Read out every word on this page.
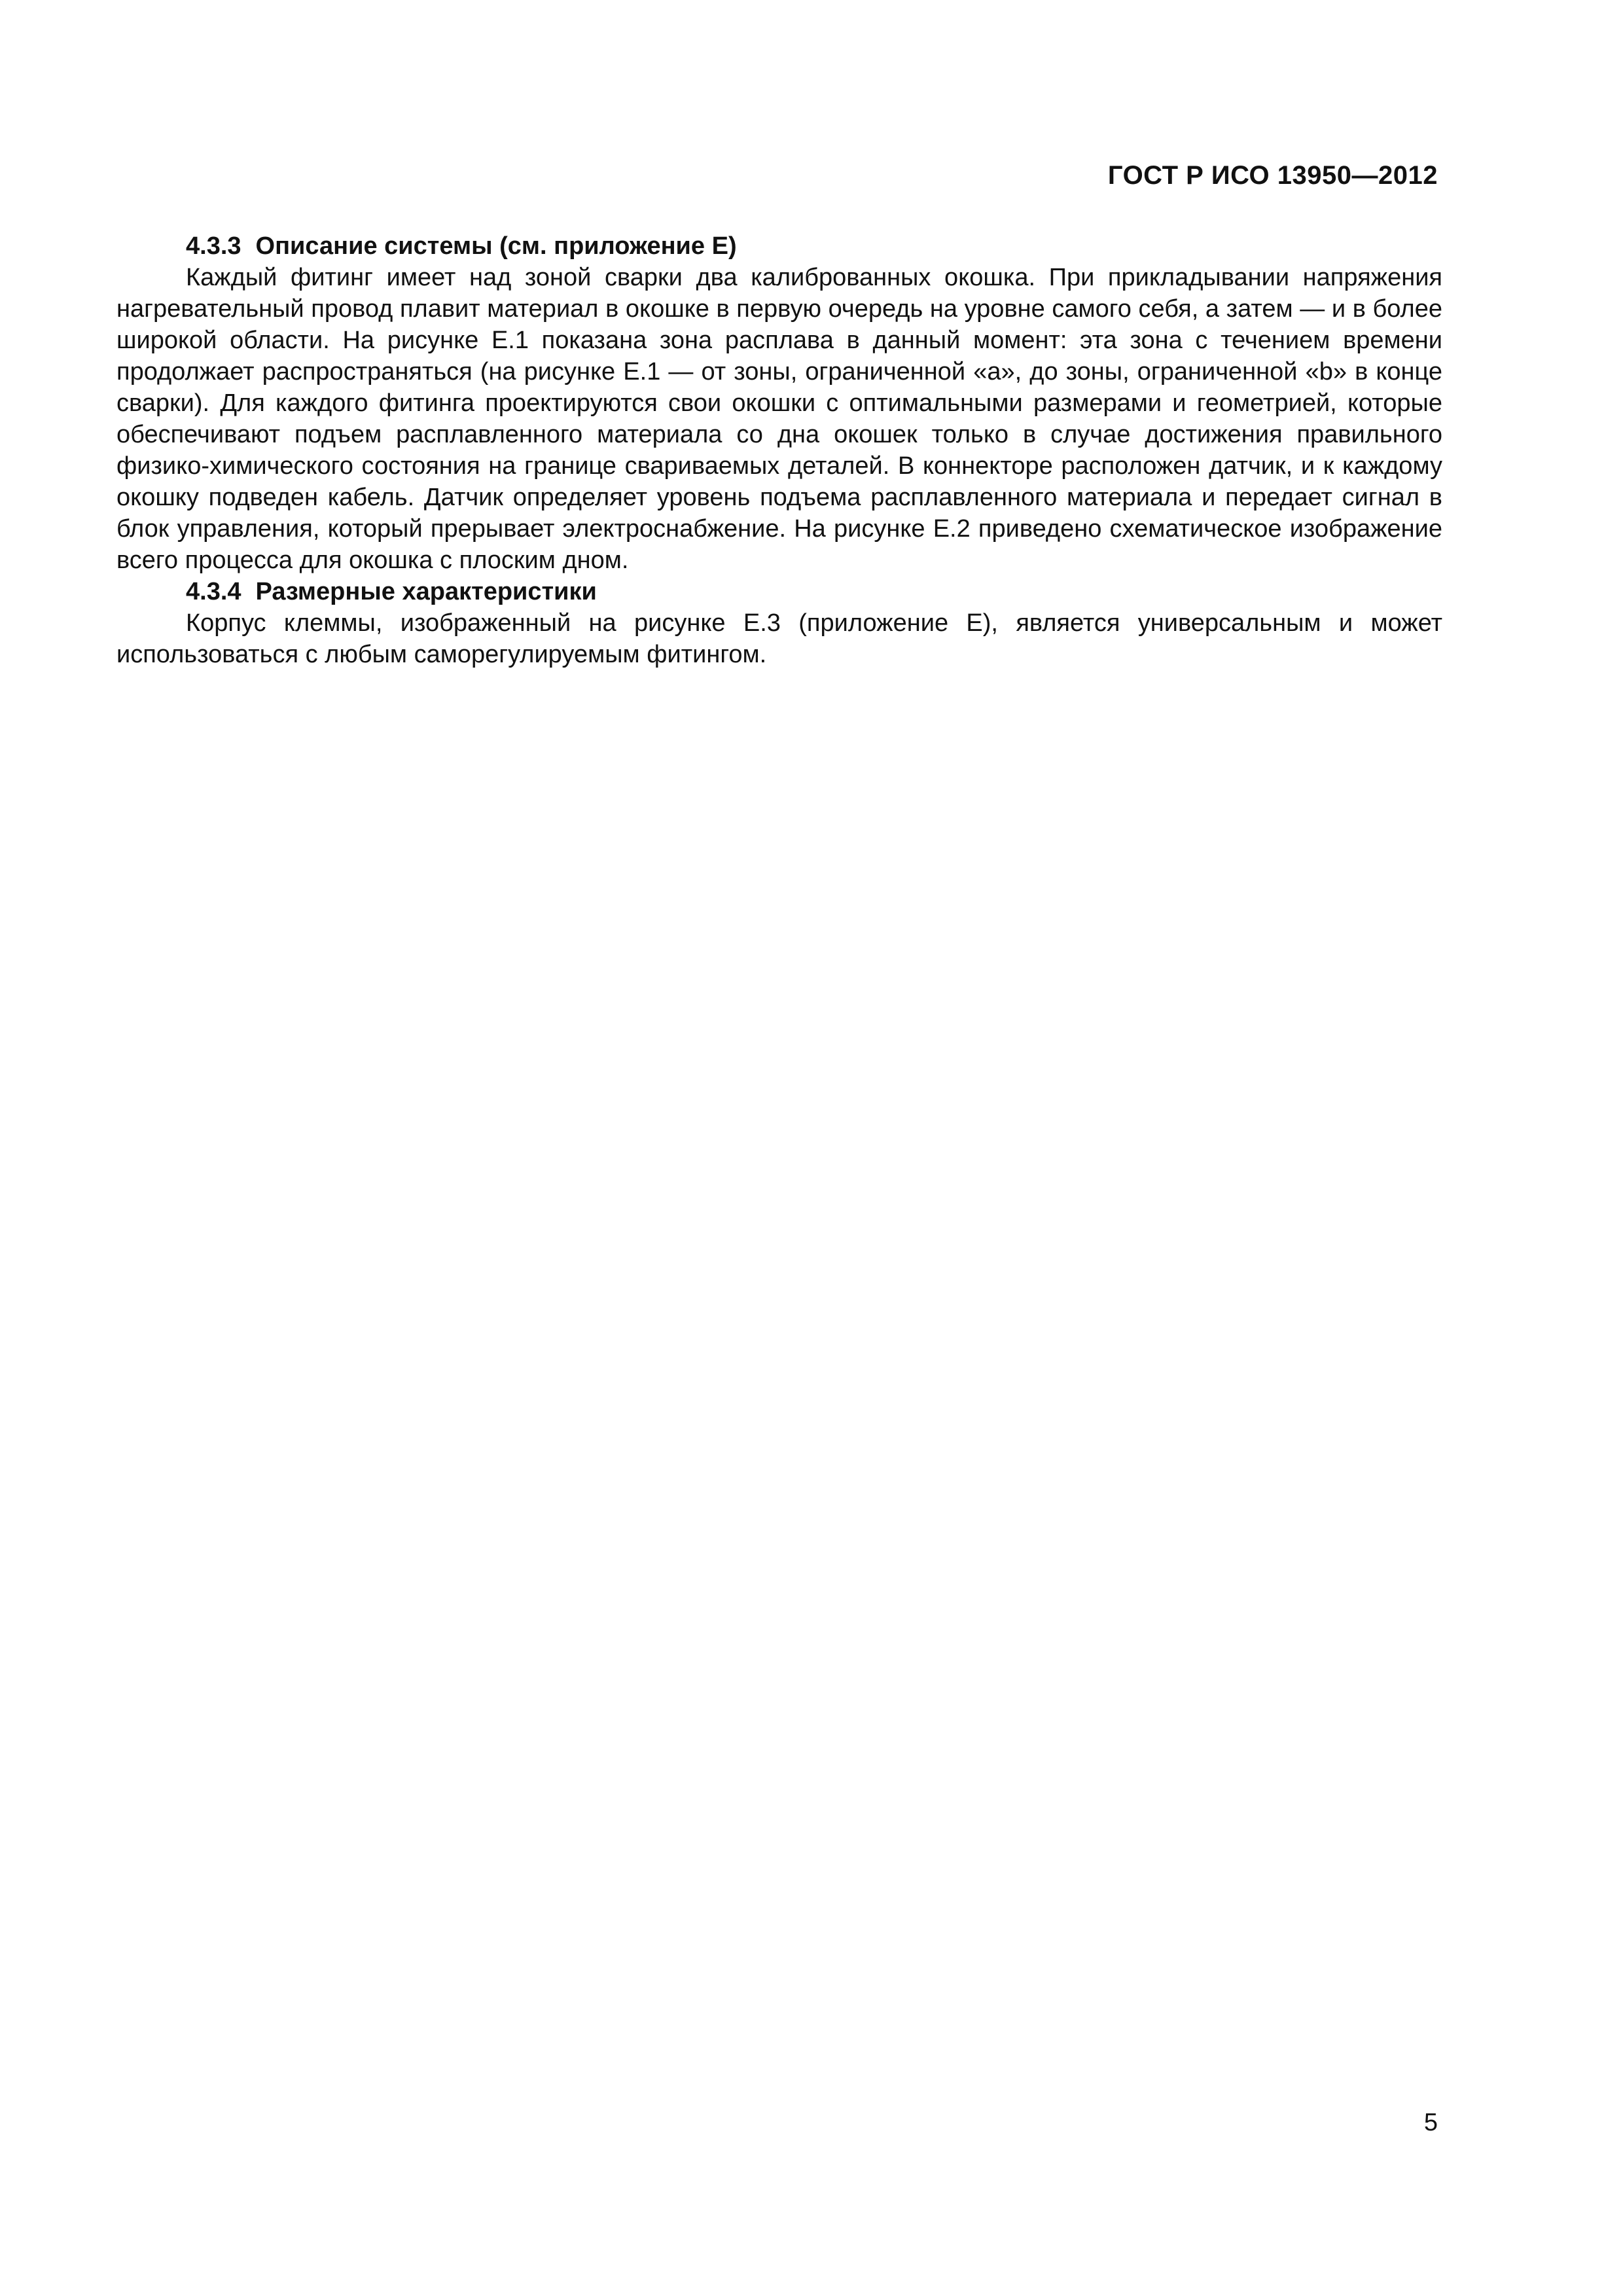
ГОСТ Р ИСО 13950—2012

4.3.3 Описание системы (см. приложение E)

Каждый фитинг имеет над зоной сварки два калиброванных окошка. При прикладывании напряжения нагревательный провод плавит материал в окошке в первую очередь на уровне самого себя, а затем — и в более широкой области. На рисунке Е.1 показана зона расплава в данный момент: эта зона с течением времени продолжает распространяться (на рисунке Е.1 — от зоны, ограниченной «a», до зоны, ограниченной «b» в конце сварки). Для каждого фитинга проектируются свои окошки с оптимальными размерами и геометрией, которые обеспечивают подъем расплавленного материала со дна окошек только в случае достижения правильного физико-химического состояния на границе свариваемых деталей. В коннекторе расположен датчик, и к каждому окошку подведен кабель. Датчик определяет уровень подъема расплавленного материала и передает сигнал в блок управления, который прерывает электроснабжение. На рисунке Е.2 приведено схематическое изображение всего процесса для окошка с плоским дном.

4.3.4 Размерные характеристики

Корпус клеммы, изображенный на рисунке Е.3 (приложение Е), является универсальным и может использоваться с любым саморегулируемым фитингом.

5
